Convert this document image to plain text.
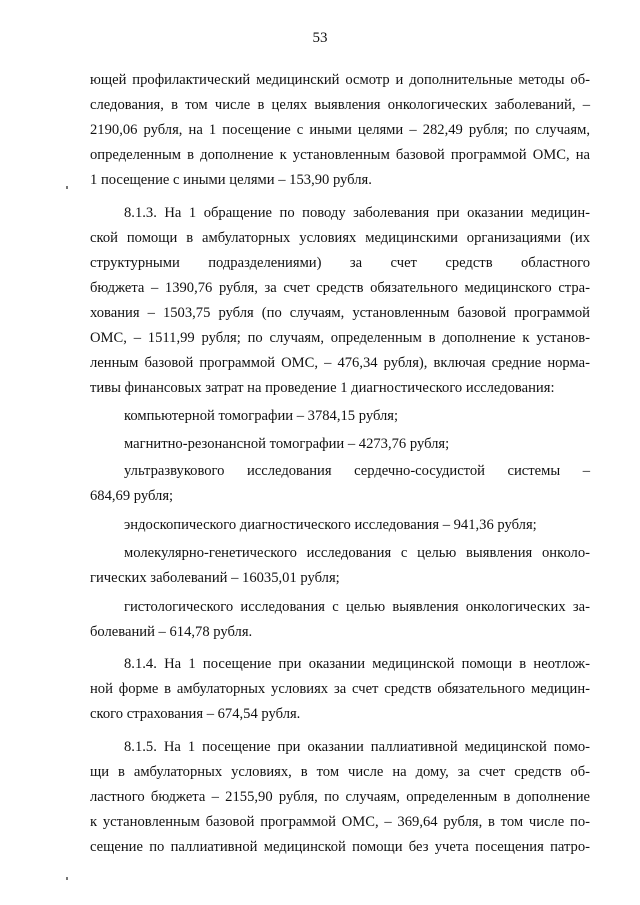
53
ющей профилактический медицинский осмотр и дополнительные методы об-
следования, в том числе в целях выявления онкологических заболеваний, –
2190,06 рубля, на 1 посещение с иными целями – 282,49 рубля; по случаям,
определенным в дополнение к установленным базовой программой ОМС, на
1 посещение с иными целями – 153,90 рубля.
8.1.3. На 1 обращение по поводу заболевания при оказании медицин-
ской помощи в амбулаторных условиях медицинскими организациями (их
структурными подразделениями) за счет средств областного
бюджета – 1390,76 рубля, за счет средств обязательного медицинского стра-
хования – 1503,75 рубля (по случаям, установленным базовой программой
ОМС, – 1511,99 рубля; по случаям, определенным в дополнение к установ-
ленным базовой программой ОМС, – 476,34 рубля), включая средние норма-
тивы финансовых затрат на проведение 1 диагностического исследования:
компьютерной томографии – 3784,15 рубля;
магнитно-резонансной томографии – 4273,76 рубля;
ультразвукового исследования сердечно-сосудистой системы –
684,69 рубля;
эндоскопического диагностического исследования – 941,36 рубля;
молекулярно-генетического исследования с целью выявления онколо-
гических заболеваний – 16035,01 рубля;
гистологического исследования с целью выявления онкологических за-
болеваний – 614,78 рубля.
8.1.4. На 1 посещение при оказании медицинской помощи в неотлож-
ной форме в амбулаторных условиях за счет средств обязательного медицин-
ского страхования – 674,54 рубля.
8.1.5. На 1 посещение при оказании паллиативной медицинской помо-
щи в амбулаторных условиях, в том числе на дому, за счет средств об-
ластного бюджета – 2155,90 рубля, по случаям, определенным в дополнение
к установленным базовой программой ОМС, – 369,64 рубля, в том числе по-
сещение по паллиативной медицинской помощи без учета посещения патро-
